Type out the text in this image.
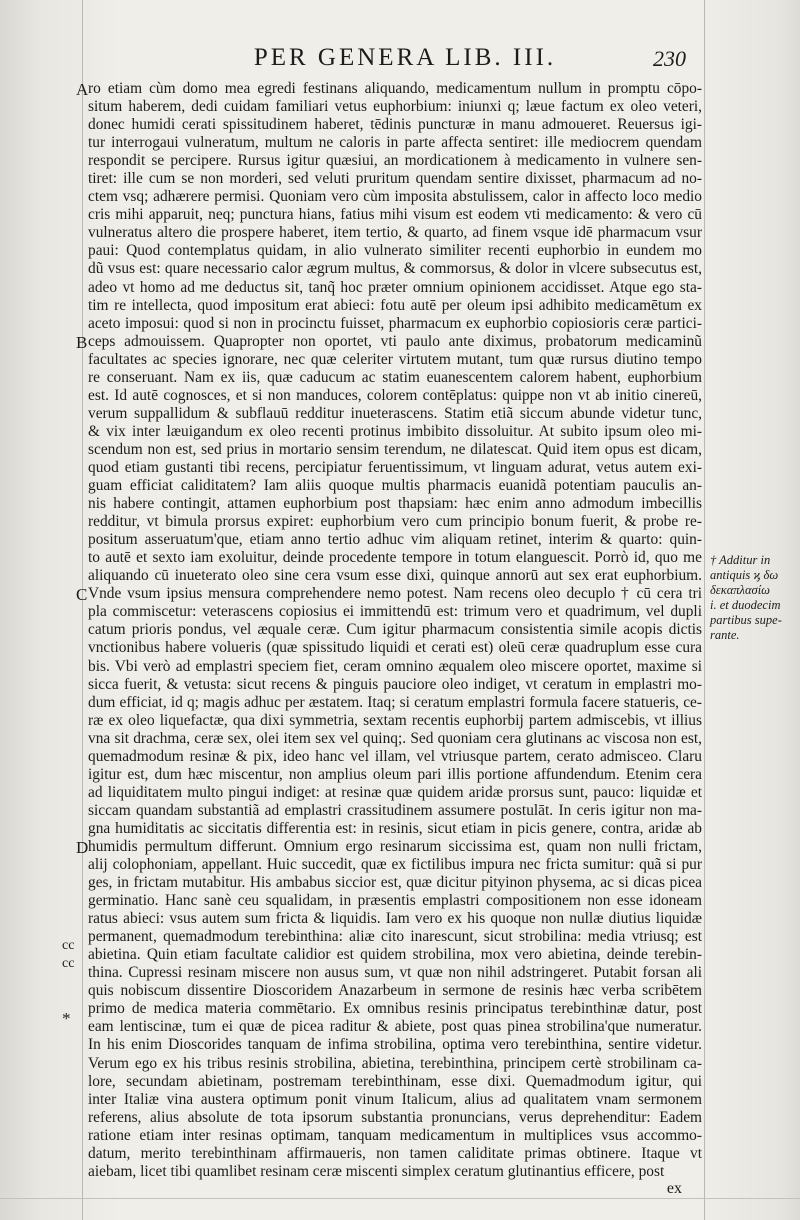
PER GENERA LIB. III.	230
A
B
C
D
cc
cc
*
ro etiam cùm domo mea egredi festinans aliquando, medicamentum nullum in promptu cōpo-
situm haberem, dedi cuidam familiari vetus euphorbium: iniunxi q; læue factum ex oleo veteri,
donec humidi cerati spissitudinem haberet, tēdinis puncturæ in manu admoueret. Reuersus igi-
tur interrogaui vulneratum, multum ne caloris in parte affecta sentiret: ille mediocrem quendam
respondit se percipere. Rursus igitur quæsiui, an mordicationem à medicamento in vulnere sen-
tiret: ille cum se non morderi, sed veluti pruritum quendam sentire dixisset, pharmacum ad no-
ctem vsq; adhærere permisi. Quoniam vero cùm imposita abstulissem, calor in affecto loco medio
cris mihi apparuit, neq; punctura hians, fatius mihi visum est eodem vti medicamento: & vero cū
vulneratus altero die prospere haberet, item tertio, & quarto, ad finem vsque idē pharmacum vsur
paui: Quod contemplatus quidam, in alio vulnerato similiter recenti euphorbio in eundem mo
dũ vsus est: quare necessario calor ægrum multus, & commorsus, & dolor in vlcere subsecutus est,
adeo vt homo ad me deductus sit, tanq̃ hoc præter omnium opinionem accidisset. Atque ego sta-
tim re intellecta, quod impositum erat abieci: fotu autē per oleum ipsi adhibito medicamētum ex
aceto imposui: quod si non in procinctu fuisset, pharmacum ex euphorbio copiosioris ceræ partici-
ceps admouissem. Quapropter non oportet, vti paulo ante diximus, probatorum medicaminũ
facultates ac species ignorare, nec quæ celeriter virtutem mutant, tum quæ rursus diutino tempo
re conseruant. Nam ex iis, quæ caducum ac statim euanescentem calorem habent, euphorbium
est. Id autē cognosces, et si non manduces, colorem contēplatus: quippe non vt ab initio cinereū,
verum suppallidum & subflauū redditur inueterascens. Statim etiã siccum abunde videtur tunc,
& vix inter læuigandum ex oleo recenti protinus imbibito dissoluitur. At subito ipsum oleo mi-
scendum non est, sed prius in mortario sensim terendum, ne dilatescat. Quid item opus est dicam,
quod etiam gustanti tibi recens, percipiatur feruentissimum, vt linguam adurat, vetus autem exi-
guam efficiat caliditatem? Iam aliis quoque multis pharmacis euanidã potentiam pauculis an-
nis habere contingit, attamen euphorbium post thapsiam: hæc enim anno admodum imbecillis
redditur, vt bimula prorsus expiret: euphorbium vero cum principio bonum fuerit, & probe re-
positum asseruatum'que, etiam anno tertio adhuc vim aliquam retinet, interim & quarto: quin-
to autē et sexto iam exoluitur, deinde procedente tempore in totum elanguescit. Porrò id, quo me
aliquando cū inueterato oleo sine cera vsum esse dixi, quinque annorū aut sex erat euphorbium.
Vnde vsum ipsius mensura comprehendere nemo potest. Nam recens oleo decuplo † cū cera tri
pla commiscetur: veterascens copiosius ei immittendū est: trimum vero et quadrimum, vel dupli
catum prioris pondus, vel æquale ceræ. Cum igitur pharmacum consistentia simile acopis dictis
vnctionibus habere volueris (quæ spissitudo liquidi et cerati est) oleū ceræ quadruplum esse cura
bis. Vbi verò ad emplastri speciem fiet, ceram omnino æqualem oleo miscere oportet, maxime si
sicca fuerit, & vetusta: sicut recens & pinguis pauciore oleo indiget, vt ceratum in emplastri mo-
dum efficiat, id q; magis adhuc per æstatem. Itaq; si ceratum emplastri formula facere statueris, ce-
ræ ex oleo liquefactæ, qua dixi symmetria, sextam recentis euphorbij partem admiscebis, vt illius
vna sit drachma, ceræ sex, olei item sex vel quinq;. Sed quoniam cera glutinans ac viscosa non est,
quemadmodum resinæ & pix, ideo hanc vel illam, vel vtriusque partem, cerato admisceo. Claru
igitur est, dum hæc miscentur, non amplius oleum pari illis portione affundendum. Etenim cera
ad liquiditatem multo pingui indiget: at resinæ quæ quidem aridæ prorsus sunt, pauco: liquidæ et
siccam quandam substantiã ad emplastri crassitudinem assumere postulāt. In ceris igitur non ma-
gna humiditatis ac siccitatis differentia est: in resinis, sicut etiam in picis genere, contra, aridæ ab
humidis permultum differunt. Omnium ergo resinarum siccissima est, quam non nulli frictam,
alij colophoniam, appellant. Huic succedit, quæ ex fictilibus impura nec fricta sumitur: quã si pur
ges, in frictam mutabitur. His ambabus siccior est, quæ dicitur pityinon physema, ac si dicas picea
germinatio. Hanc sanè ceu squalidam, in præsentis emplastri compositionem non esse idoneam
ratus abieci: vsus autem sum fricta & liquidis. Iam vero ex his quoque non nullæ diutius liquidæ
permanent, quemadmodum terebinthina: aliæ cito inarescunt, sicut strobilina: media vtriusq; est
abietina. Quin etiam facultate calidior est quidem strobilina, mox vero abietina, deinde terebin-
thina. Cupressi resinam miscere non ausus sum, vt quæ non nihil adstringeret. Putabit forsan ali
quis nobiscum dissentire Dioscoridem Anazarbeum in sermone de resinis hæc verba scribētem
primo de medica materia commētario. Ex omnibus resinis principatus terebinthinæ datur, post
eam lentiscinæ, tum ei quæ de picea raditur & abiete, post quas pinea strobilina'que numeratur.
In his enim Dioscorides tanquam de infima strobilina, optima vero terebinthina, sentire videtur.
Verum ego ex his tribus resinis strobilina, abietina, terebinthina, principem certè strobilinam ca-
lore, secundam abietinam, postremam terebinthinam, esse dixi. Quemadmodum igitur, qui
inter Italiæ vina austera optimum ponit vinum Italicum, alius ad qualitatem vnam sermonem
referens, alius absolute de tota ipsorum substantia pronuncians, verus deprehenditur: Eadem
ratione etiam inter resinas optimam, tanquam medicamentum in multiplices vsus accommo-
datum, merito terebinthinam affirmaueris, non tamen caliditate primas obtinere. Itaque vt
aiebam, licet tibi quamlibet resinam ceræ miscenti simplex ceratum glutinantius efficere, post
† Additur in
antiquis ϗ δω
δεκαπλασίω
i. et duodecim
partibus supe-
rante.
ex
